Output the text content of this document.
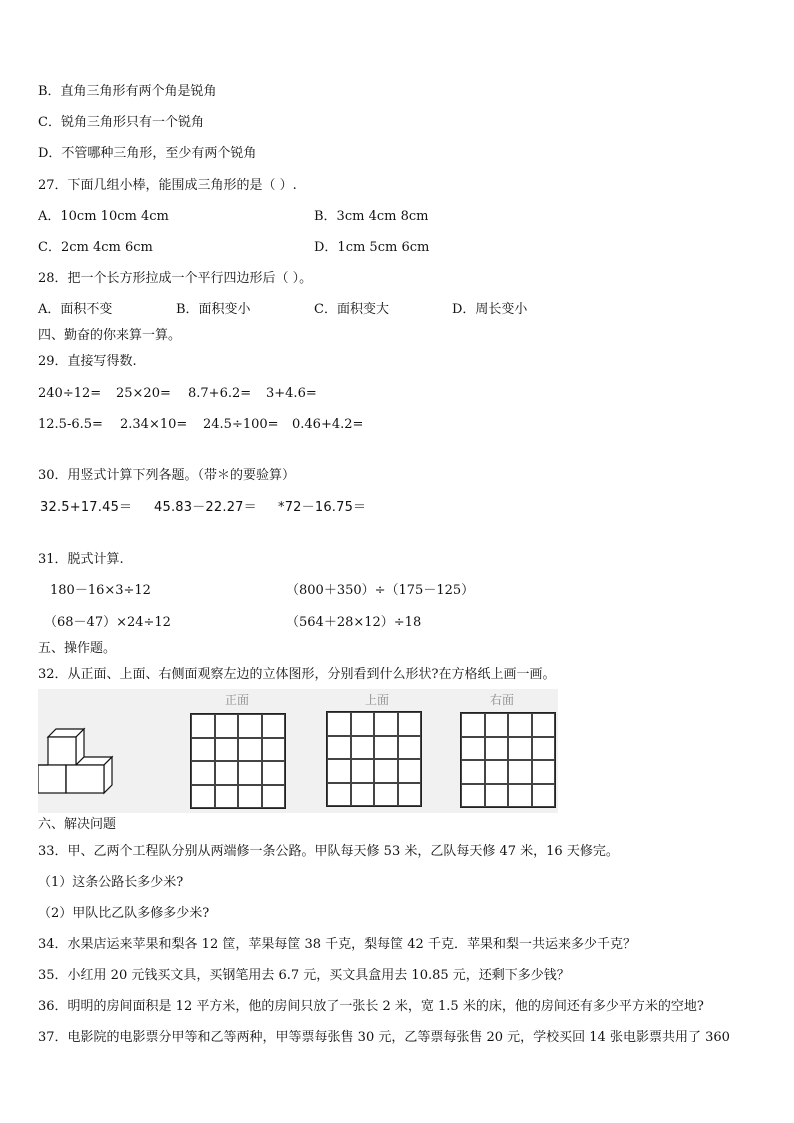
B．直角三角形有两个角是锐角
C．锐角三角形只有一个锐角
D．不管哪种三角形，至少有两个锐角
27．下面几组小棒，能围成三角形的是（ ）.
A．10cm 10cm 4cm	B．3cm 4cm 8cm
C．2cm 4cm 6cm	D．1cm 5cm 6cm
28．把一个长方形拉成一个平行四边形后（ ）。
A．面积不变	B．面积变小	C．面积变大	D．周长变小
四、勤奋的你来算一算。
29．直接写得数.
240÷12= 25×20= 8.7+6.2= 3+4.6=
12.5-6.5= 2.34×10= 24.5÷100= 0.46+4.2=
30．用竖式计算下列各题。（带＊的要验算）
32.5+17.45＝ 45.83－22.27＝ *72－16.75＝
31．脱式计算.
180－16×3÷12	（800＋350）÷（175－125）
（68－47）×24÷12	（564＋28×12）÷18
五、操作题。
32．从正面、上面、右侧面观察左边的立体图形，分别看到什么形状?在方格纸上画一画。
正面	上面	右面
六、解决问题
33．甲、乙两个工程队分别从两端修一条公路。甲队每天修 53 米，乙队每天修 47 米，16 天修完。
（1）这条公路长多少米?
（2）甲队比乙队多修多少米?
34．水果店运来苹果和梨各 12 筐，苹果每筐 38 千克，梨每筐 42 千克．苹果和梨一共运来多少千克？
35．小红用 20 元钱买文具，买钢笔用去 6.7 元，买文具盒用去 10.85 元，还剩下多少钱？
36．明明的房间面积是 12 平方米，他的房间只放了一张长 2 米，宽 1.5 米的床，他的房间还有多少平方米的空地?
37．电影院的电影票分甲等和乙等两种，甲等票每张售 30 元，乙等票每张售 20 元，学校买回 14 张电影票共用了 360
